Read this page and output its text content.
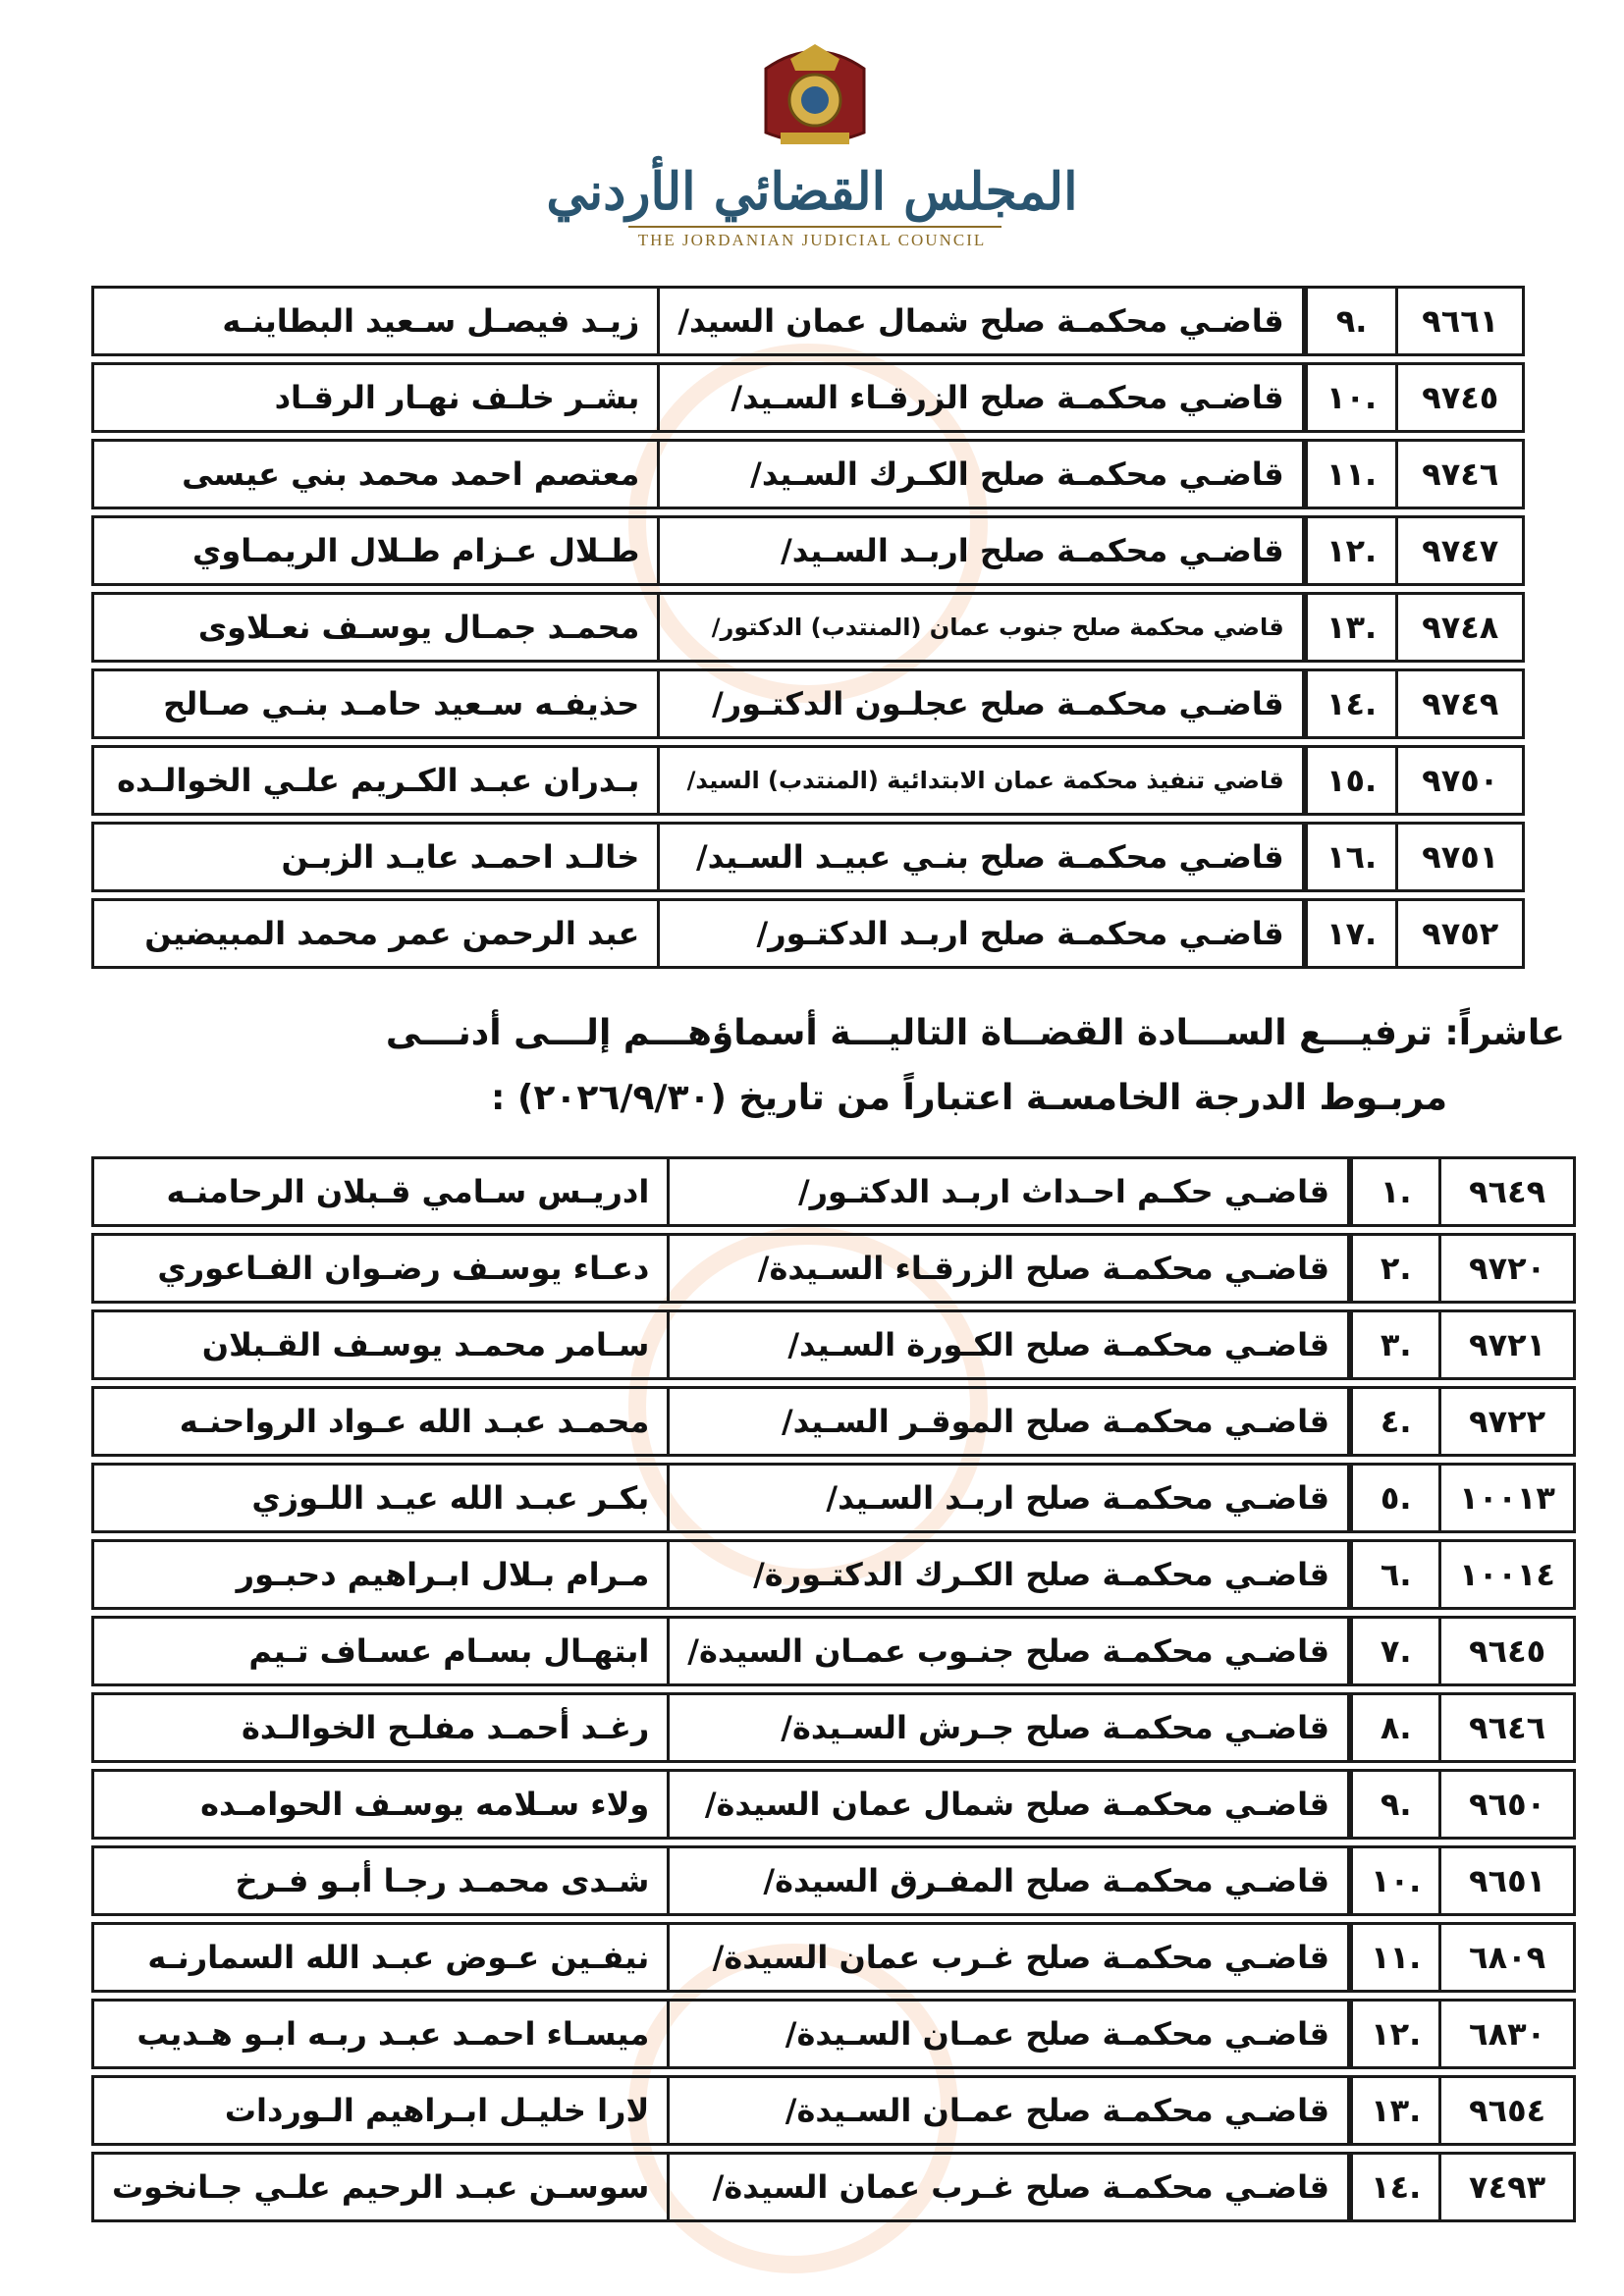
المجلس القضائي الأردني
THE JORDANIAN JUDICIAL COUNCIL
٩٦٦١	.٩	قاضـي محكمـة صلح شمال عمان السيد/	زيـد فيصـل سـعيد البطاينـه
٩٧٤٥	.١٠	قاضـي محكمـة صلح الزرقـاء السـيد/	بشـر خلـف نهـار الرقـاد
٩٧٤٦	.١١	قاضـي محكمـة صلح الكـرك السـيد/	معتصم احمد محمد بني عيسى
٩٧٤٧	.١٢	قاضـي محكمـة صلح اربـد السـيد/	طـلال عـزام طـلال الريمـاوي
٩٧٤٨	.١٣	قاضي محكمة صلح جنوب عمان (المنتدب) الدكتور/	محمـد جمـال يوسـف نعـلاوى
٩٧٤٩	.١٤	قاضـي محكمـة صلح عجلـون الدكتـور/	حذيفـه سـعيد حامـد بنـي صـالح
٩٧٥٠	.١٥	قاضي تنفيذ محكمة عمان الابتدائية (المنتدب) السيد/	بـدران عبـد الكـريم علـي الخوالـده
٩٧٥١	.١٦	قاضـي محكمـة صلح بنـي عبيـد السـيد/	خالـد احمـد عايـد الزبـن
٩٧٥٢	.١٧	قاضـي محكمـة صلح اربـد الدكتـور/	عبد الرحمن عمر محمد المبيضين
عاشراً: ترفيـــع الســـادة القضــاة التاليـــة أسماؤهـــم إلـــى أدنـــى
مربـوط الدرجة الخامسـة اعتباراً من تاريخ (٢٠٢٦/٩/٣٠) :
٩٦٤٩	.١	قاضـي حكـم احـداث اربـد الدكتـور/	ادريـس سـامي قـبلان الرحامنـه
٩٧٢٠	.٢	قاضـي محكمـة صلح الزرقـاء السـيدة/	دعـاء يوسـف رضـوان الفـاعوري
٩٧٢١	.٣	قاضـي محكمـة صلح الكـورة السـيد/	سـامر محمـد يوسـف القـبلان
٩٧٢٢	.٤	قاضـي محكمـة صلح الموقـر السـيد/	محمـد عبـد الله عـواد الرواحنـه
١٠٠١٣	.٥	قاضـي محكمـة صلح اربـد السـيد/	بكـر عبـد الله عيـد اللـوزي
١٠٠١٤	.٦	قاضـي محكمـة صلح الكـرك الدكتـورة/	مـرام بـلال ابـراهيم دحبـور
٩٦٤٥	.٧	قاضـي محكمـة صلح جنـوب عمـان السيدة/	ابتهـال بسـام عسـاف تـيم
٩٦٤٦	.٨	قاضـي محكمـة صلح جـرش السـيدة/	رغـد أحمـد مفلـح الخوالـدة
٩٦٥٠	.٩	قاضـي محكمـة صلح شمال عمان السيدة/	ولاء سـلامه يوسـف الحوامـده
٩٦٥١	.١٠	قاضـي محكمـة صلح المفـرق السيدة/	شـدى محمـد رجـا أبـو فـرخ
٦٨٠٩	.١١	قاضـي محكمـة صلح غـرب عمان السيدة/	نيفـين عـوض عبـد الله السمارنـه
٦٨٣٠	.١٢	قاضـي محكمـة صلح عمـان السـيدة/	ميسـاء احمـد عبـد ربـه ابـو هـديب
٩٦٥٤	.١٣	قاضـي محكمـة صلح عمـان السـيدة/	لارا خليـل ابـراهيم الـوردات
٧٤٩٣	.١٤	قاضـي محكمـة صلح غـرب عمان السيدة/	سوسـن عبـد الرحيم علـي جـانخوت
